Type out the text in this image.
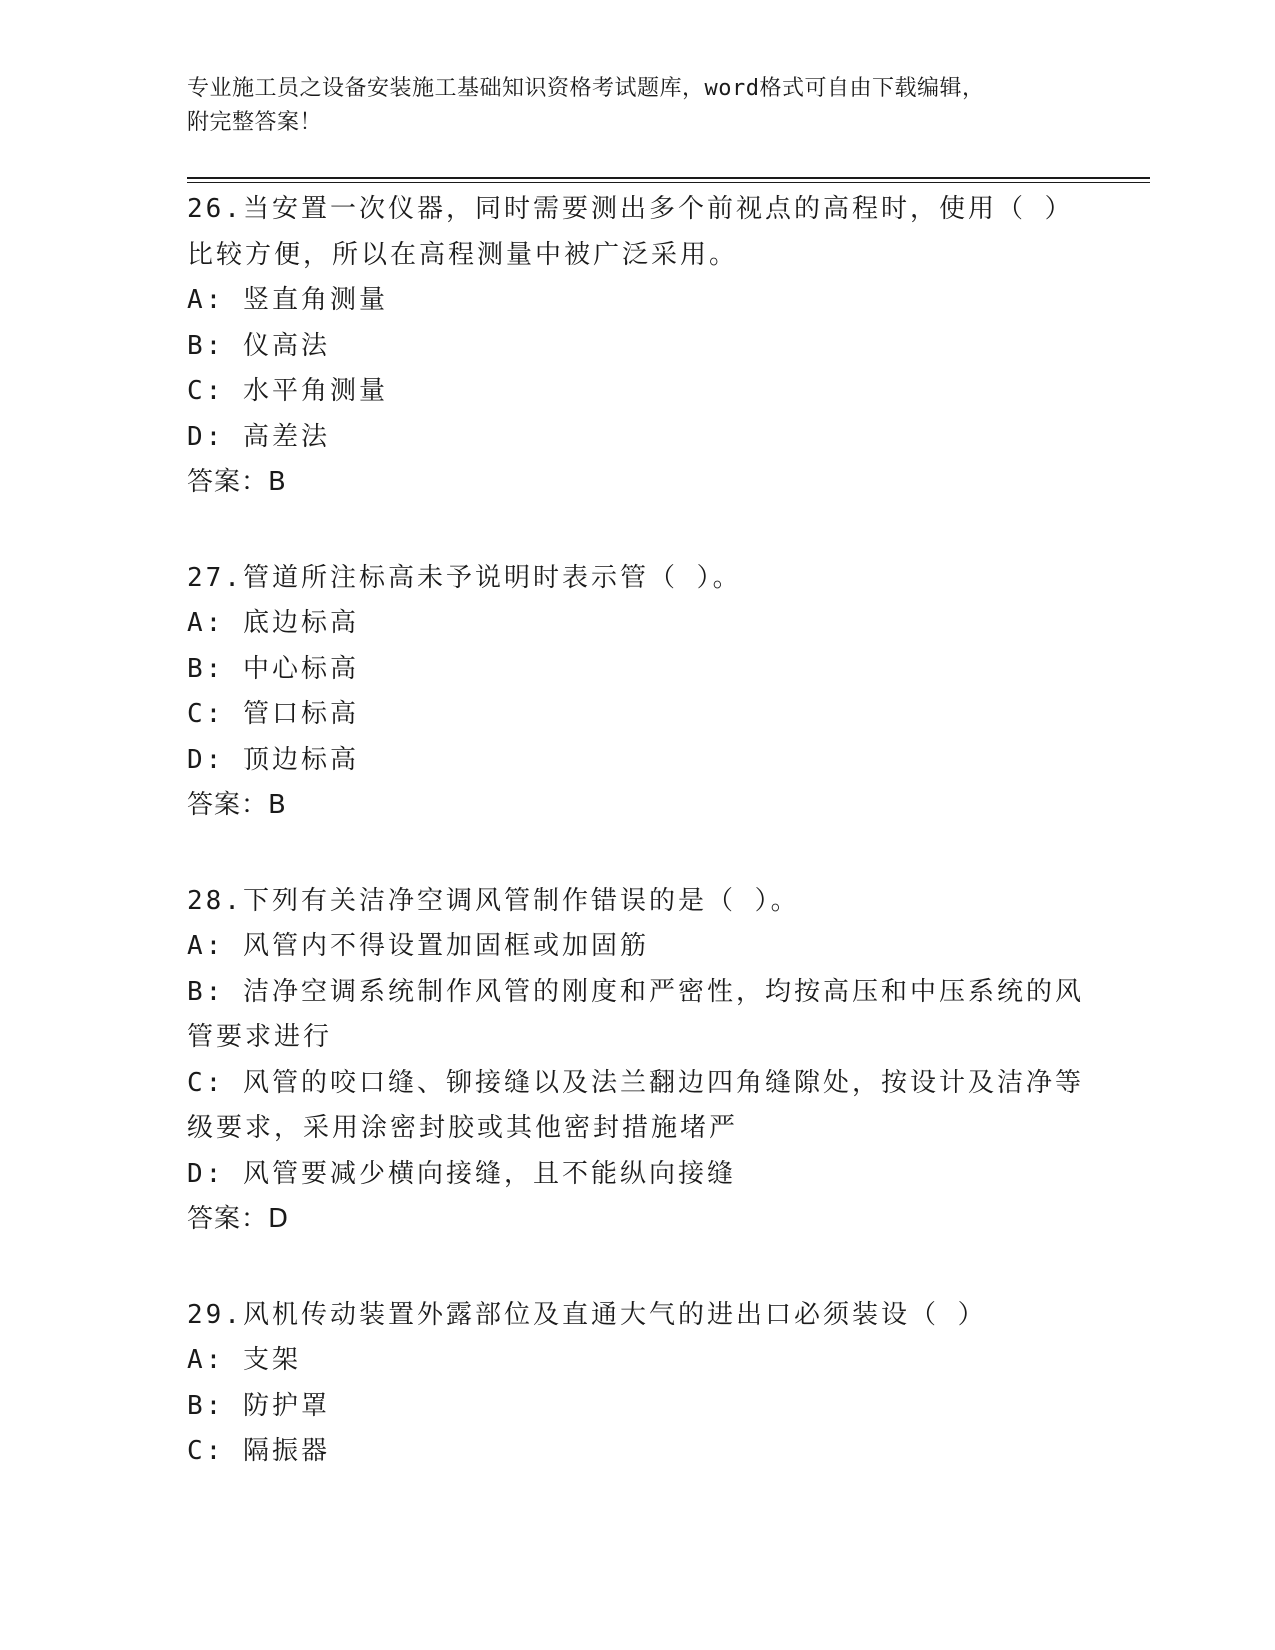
专业施工员之设备安装施工基础知识资格考试题库，word格式可自由下载编辑，
附完整答案！
26.当安置一次仪器，同时需要测出多个前视点的高程时，使用（ ）
比较方便，所以在高程测量中被广泛采用。
A: 竖直角测量
B: 仪高法
C: 水平角测量
D: 高差法
答案：B
27.管道所注标高未予说明时表示管（ ）。
A: 底边标高
B: 中心标高
C: 管口标高
D: 顶边标高
答案：B
28.下列有关洁净空调风管制作错误的是（ ）。
A: 风管内不得设置加固框或加固筋
B: 洁净空调系统制作风管的刚度和严密性，均按高压和中压系统的风
管要求进行
C: 风管的咬口缝、铆接缝以及法兰翻边四角缝隙处，按设计及洁净等
级要求，采用涂密封胶或其他密封措施堵严
D: 风管要减少横向接缝，且不能纵向接缝
答案：D
29.风机传动装置外露部位及直通大气的进出口必须装设（ ）
A: 支架
B: 防护罩
C: 隔振器
